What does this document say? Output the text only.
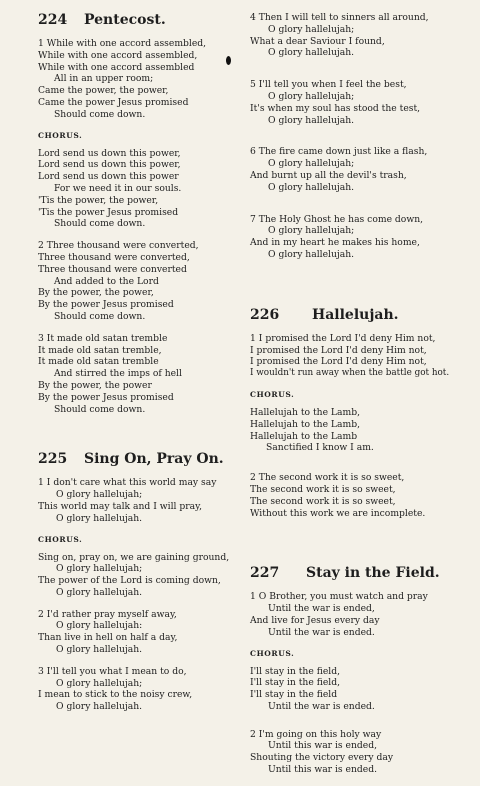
224	Pentecost.
1 While with one accord assembled,
While with one accord assembled,
While with one accord assembled
All in an upper room;
Came the power, the power,
Came the power Jesus promised
Should come down.
CHORUS.
Lord send us down this power,
Lord send us down this power,
Lord send us down this power
For we need it in our souls.
'Tis the power, the power,
'Tis the power Jesus promised
Should come down.
2 Three thousand were converted,
Three thousand were converted,
Three thousand were converted
And added to the Lord
By the power, the power,
By the power Jesus promised
Should come down.
3 It made old satan tremble
It made old satan tremble,
It made old satan tremble
And stirred the imps of hell
By the power, the power
By the power Jesus promised
Should come down.
225	Sing On, Pray On.
1 I don't care what this world may say
O glory hallelujah;
This world may talk and I will pray,
O glory hallelujah.
CHORUS.
Sing on, pray on, we are gaining ground,
O glory hallelujah;
The power of the Lord is coming down,
O glory hallelujah.
2 I'd rather pray myself away,
O glory hallelujah:
Than live in hell on half a day,
O glory hallelujah.
3 I'll tell you what I mean to do,
O glory hallelujah;
I mean to stick to the noisy crew,
O glory hallelujah.
4 Then I will tell to sinners all around,
O glory hallelujah;
What a dear Saviour I found,
O glory hallelujah.
5 I'll tell you when I feel the best,
O glory hallelujah;
It's when my soul has stood the test,
O glory hallelujah.
6 The fire came down just like a flash,
O glory hallelujah;
And burnt up all the devil's trash,
O glory hallelujah.
7 The Holy Ghost he has come down,
O glory hallelujah;
And in my heart he makes his home,
O glory hallelujah.
226	Hallelujah.
1 I promised the Lord I'd deny Him not,
I promised the Lord I'd deny Him not,
I promised the Lord I'd deny Him not,
I wouldn't run away when the battle got hot.
CHORUS.
Hallelujah to the Lamb,
Hallelujah to the Lamb,
Hallelujah to the Lamb
Sanctified I know I am.
2 The second work it is so sweet,
The second work it is so sweet,
The second work it is so sweet,
Without this work we are incomplete.
227	Stay in the Field.
1 O Brother, you must watch and pray
Until the war is ended,
And live for Jesus every day
Until the war is ended.
CHORUS.
I'll stay in the field,
I'll stay in the field,
I'll stay in the field
Until the war is ended.
2 I'm going on this holy way
Until this war is ended,
Shouting the victory every day
Until this war is ended.
